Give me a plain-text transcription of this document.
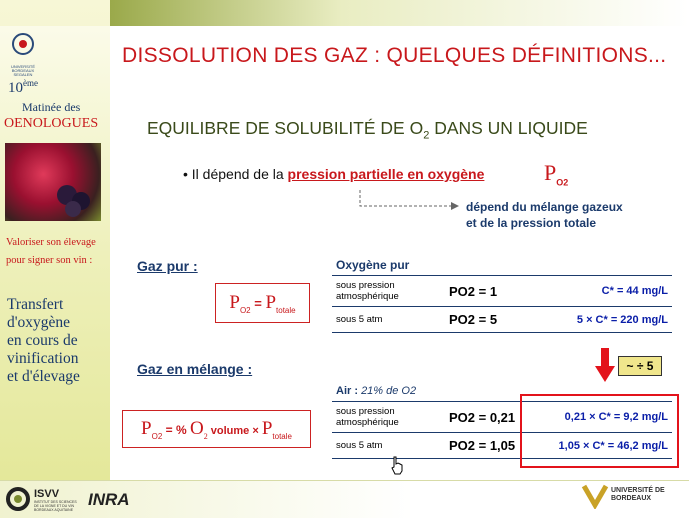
UNIVERSITÉ BORDEAUX SEGALEN
10ème
Matinée des
OENOLOGUES
Valoriser son élevage
pour signer son vin :
Transfert
d'oxygène
en cours de
vinification
et d'élevage
DISSOLUTION DES GAZ : QUELQUES DÉFINITIONS...
EQUILIBRE DE SOLUBILITÉ DE $O_2$ DANS UN LIQUIDE
• Il dépend de la pression partielle en oxygène	$P_{O2}$
dépend du mélange gazeux
et de la pression totale
Gaz pur :
$P_{O2} = P_{totale}$
Oxygène pur
sous pression atmosphérique	PO2 = 1	C* = 44 mg/L
sous 5 atm	PO2 = 5	5 × C* = 220 mg/L
Gaz en mélange :
$P_{O2}$ = % $O_2$ volume × $P_{totale}$
~ ÷ 5
Air : 21% de O2
sous pression atmosphérique	PO2 = 0,21	0,21 × C* = 9,2 mg/L
sous 5 atm	PO2 = 1,05	1,05 × C* = 46,2 mg/L
ISVV
INSTITUT DES SCIENCES DE LA VIGNE ET DU VIN BORDEAUX AQUITAINE
INRA	UNIVERSITÉ DE BORDEAUX
